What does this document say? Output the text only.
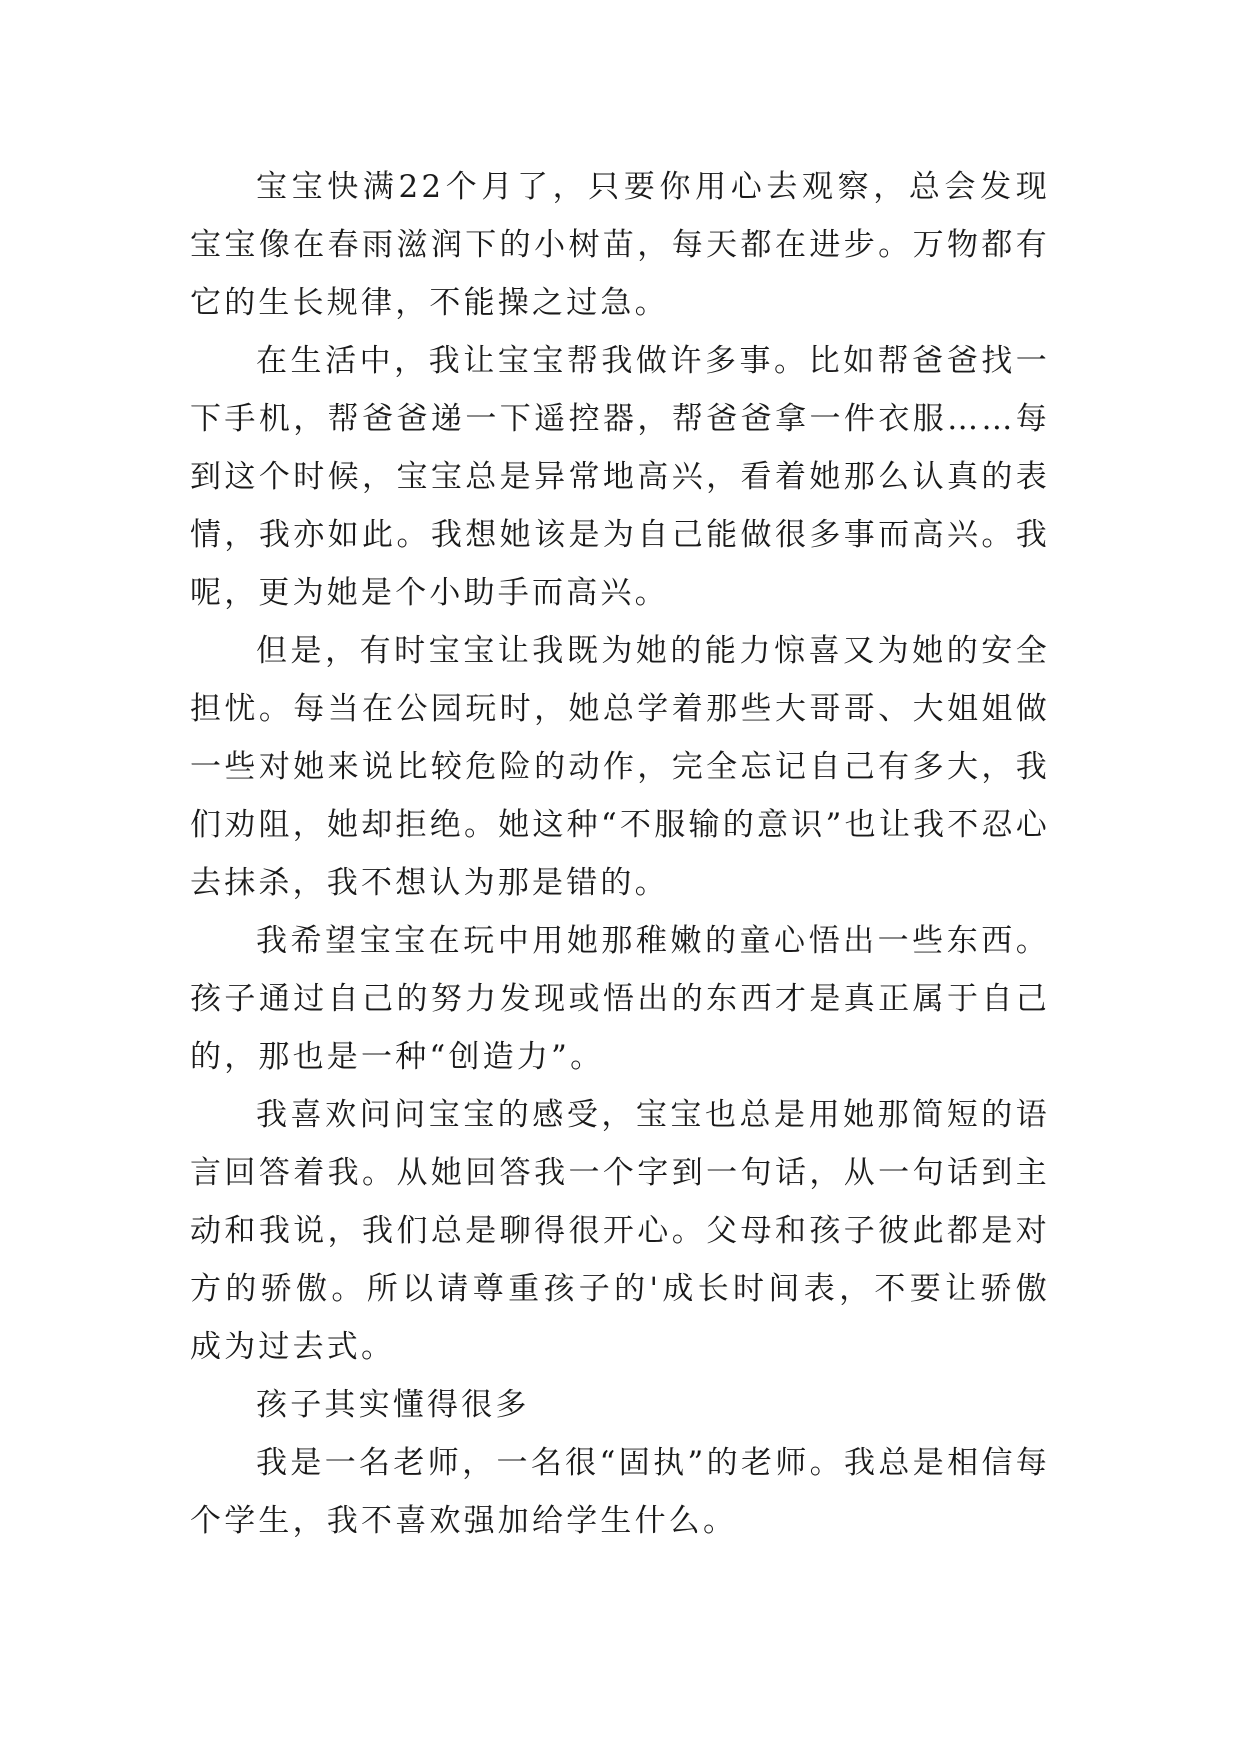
宝宝快满22个月了，只要你用心去观察，总会发现宝宝像在春雨滋润下的小树苗，每天都在进步。万物都有它的生长规律，不能操之过急。

在生活中，我让宝宝帮我做许多事。比如帮爸爸找一下手机，帮爸爸递一下遥控器，帮爸爸拿一件衣服……每到这个时候，宝宝总是异常地高兴，看着她那么认真的表情，我亦如此。我想她该是为自己能做很多事而高兴。我呢，更为她是个小助手而高兴。

但是，有时宝宝让我既为她的能力惊喜又为她的安全担忧。每当在公园玩时，她总学着那些大哥哥、大姐姐做一些对她来说比较危险的动作，完全忘记自己有多大，我们劝阻，她却拒绝。她这种“不服输的意识”也让我不忍心去抹杀，我不想认为那是错的。

我希望宝宝在玩中用她那稚嫩的童心悟出一些东西。孩子通过自己的努力发现或悟出的东西才是真正属于自己的，那也是一种“创造力”。

我喜欢问问宝宝的感受，宝宝也总是用她那简短的语言回答着我。从她回答我一个字到一句话，从一句话到主动和我说，我们总是聊得很开心。父母和孩子彼此都是对方的骄傲。所以请尊重孩子的'成长时间表，不要让骄傲成为过去式。

孩子其实懂得很多

我是一名老师，一名很“固执”的老师。我总是相信每个学生，我不喜欢强加给学生什么。
